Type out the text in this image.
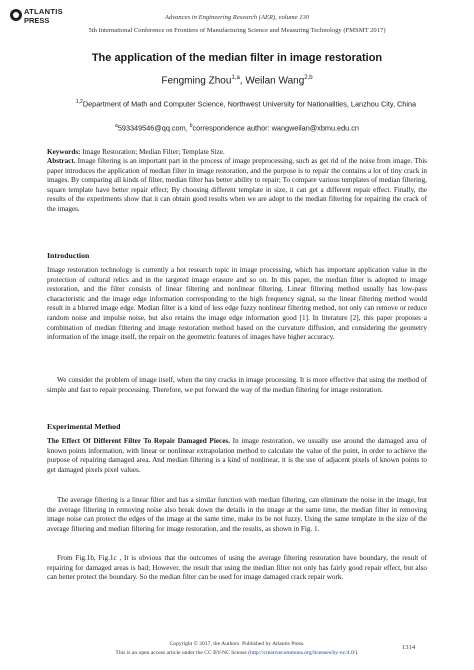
ATLANTIS
PRESS	Advances in Engineering Research (AER), volume 130
5th International Conference on Frontiers of Manufacturing Science and Measuring Technology (FMSMT 2017)
The application of the median filter in image restoration
Fengming Zhou$^{1,a}$, Weilan Wang$^{2,b}$
$^{1,2}$Department of Math and Computer Science, Northwest University for Nationalities, Lanzhou City, China
$^a$593349546@qq.com, $^b$correspondence author: wangweilan@xbmu.edu.cn
Keywords: Image Restoration; Median Filter; Template Size.
Abstract. Image filtering is an important part in the process of image preprocessing, such as get rid of the noise from image. This paper introduces the application of median filter in image restoration, and the purpose is to repair the contains a lot of tiny crack in images. By comparing all kinds of filter, median filter has better ability to repair; To compare various templates of median filtering, square template have better repair effect; By choosing different template in size, it can get a different repair effect. Finally, the results of the experiments show that it can obtain good results when we are adopt to the median filtering for repairing the crack of the images.
Introduction
Image restoration technology is currently a hot research topic in image processing, which has important application value in the protection of cultural relics and in the targeted image erasure and so on. In this paper, the median filter is adopted to image restoration, and the filter consists of linear filtering and nonlinear filtering. Linear filtering method usually has low-pass characteristic and the image edge information corresponding to the high frequency signal, so the linear filtering method would result in a blurred image edge. Median filter is a kind of less edge fuzzy nonlinear filtering method, not only can remove or reduce random noise and impulse noise, but also retains the image edge information good [1]. In literature [2], this paper proposes a combination of median filtering and image restoration method based on the curvature diffusion, and considering the geometry information of the image itself, the repair on the geometric features of images have higher accuracy.
We consider the problem of image itself, when the tiny cracks in image processing. It is more effective that using the method of simple and fast to repair processing. Therefore, we put forward the way of the median filtering for image restoration.
Experimental Method
The Effect Of Different Filter To Repair Damaged Pieces. In image restoration, we usually use around the damaged area of known points information, with linear or nonlinear extrapolation method to calculate the value of the point, in order to achieve the purpose of repairing damaged area. And median filtering is a kind of nonlinear, it is the use of adjacent pixels of known points to get damaged pixels pixel values.
The average filtering is a linear filter and has a similar function with median filtering, can eliminate the noise in the image, but the average filtering in removing noise also break down the details in the image at the same time, the median filter in removing image noise can protect the edges of the image at the same time, make its be not fuzzy. Using the same template in the size of the average filtering and median filtering for image restoration, and the results, as shown in Fig. 1.
From Fig.1b, Fig.1c , It is obvious that the outcomes of using the average filtering restoration have boundary, the result of repairing for damaged areas is bad; However, the result that using the median filter not only has fairly good repair effect, but also can better protect the boundary. So the median filter can be used for image damaged crack repair work.
Copyright © 2017, the Authors. Published by Atlantis Press.
This is an open access article under the CC BY-NC license (http://creativecommons.org/licenses/by-nc/4.0/).
1314
